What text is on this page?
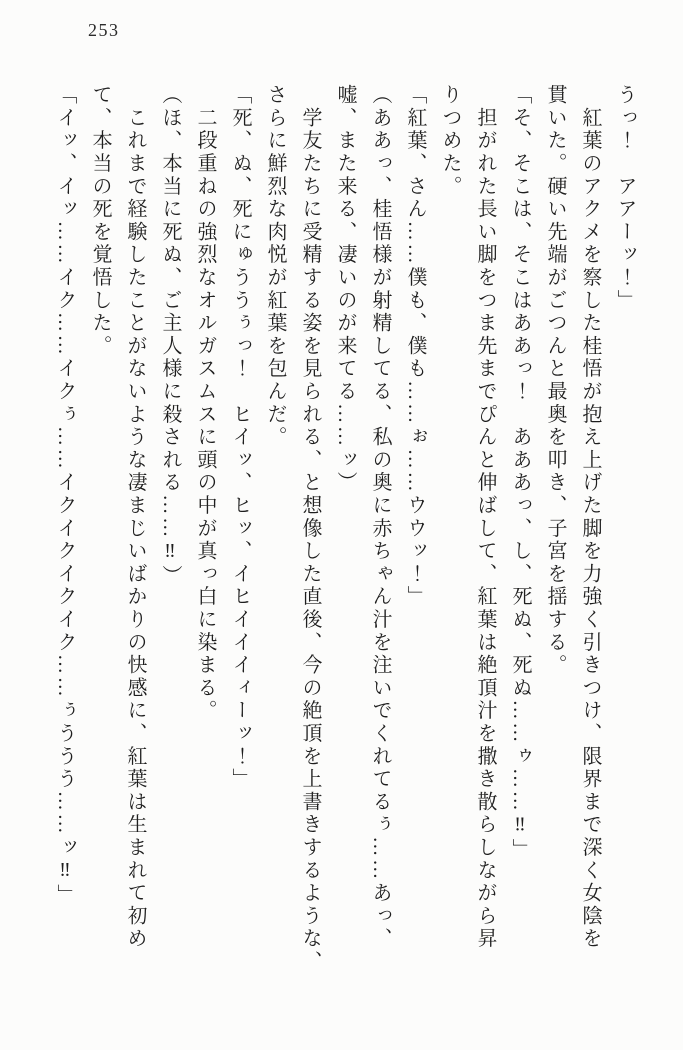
253

うっ！　アアーッ！」

　紅葉のアクメを察した桂悟が抱え上げた脚を力強く引きつけ、限界まで深く女陰を

貫いた。硬い先端がごつんと最奥を叩き、子宮を揺する。

「そ、そこは、そこはああっ！　あああっ、し、死ぬ、死ぬ……ゥ……‼」

　担がれた長い脚をつま先までぴんと伸ばして、紅葉は絶頂汁を撒き散らしながら昇

りつめた。

「紅葉、さん……僕も、僕も……ぉ……ウウッ！」

（ああっ、桂悟様が射精してる、私の奥に赤ちゃん汁を注いでくれてるぅ……あっ、

嘘、また来る、凄いのが来てる……ッ）

　学友たちに受精する姿を見られる、と想像した直後、今の絶頂を上書きするような、

さらに鮮烈な肉悦が紅葉を包んだ。

「死、ぬ、死にゅううぅっ！　ヒイッ、ヒッ、イヒイイイィーッ！」

　二段重ねの強烈なオルガスムスに頭の中が真っ白に染まる。

（ほ、本当に死ぬ、ご主人様に殺される……‼）

　これまで経験したことがないような凄まじいばかりの快感に、紅葉は生まれて初め

て、本当の死を覚悟した。

「イッ、イッ……イク……イクぅ……イクイクイクイク……ぅううう……ッ‼」
